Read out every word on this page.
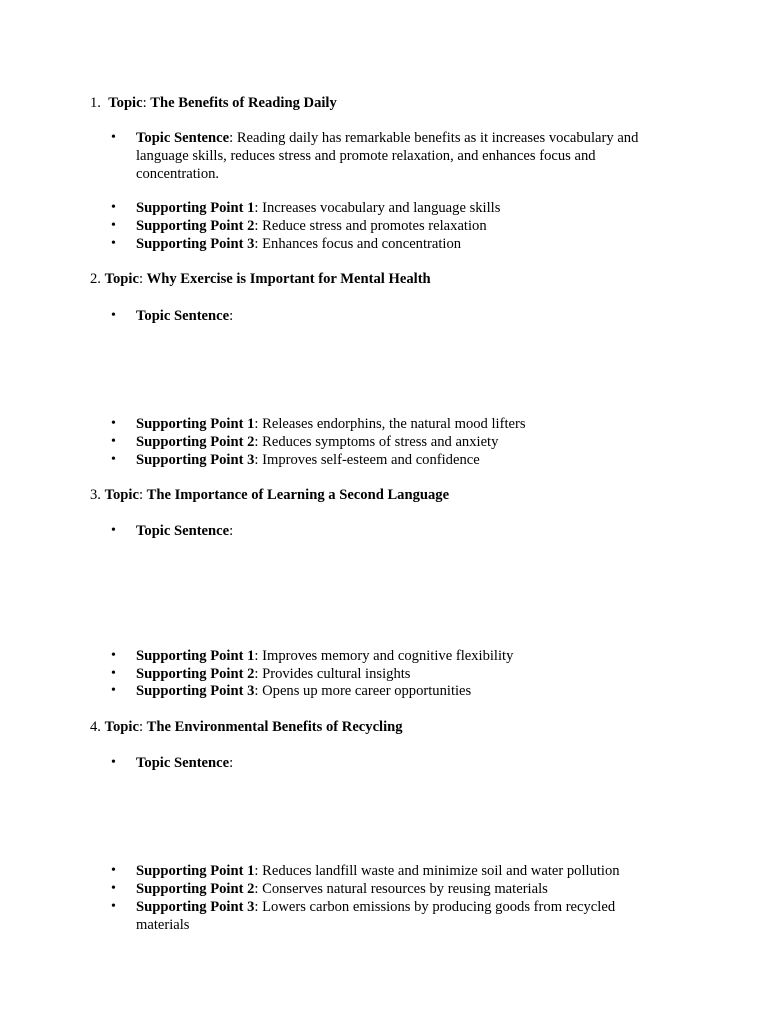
1. Topic: The Benefits of Reading Daily
• Topic Sentence: Reading daily has remarkable benefits as it increases vocabulary and language skills, reduces stress and promote relaxation, and enhances focus and concentration.
• Supporting Point 1: Increases vocabulary and language skills
• Supporting Point 2: Reduce stress and promotes relaxation
• Supporting Point 3: Enhances focus and concentration
2. Topic: Why Exercise is Important for Mental Health
• Topic Sentence:
• Supporting Point 1: Releases endorphins, the natural mood lifters
• Supporting Point 2: Reduces symptoms of stress and anxiety
• Supporting Point 3: Improves self-esteem and confidence
3. Topic: The Importance of Learning a Second Language
• Topic Sentence:
• Supporting Point 1: Improves memory and cognitive flexibility
• Supporting Point 2: Provides cultural insights
• Supporting Point 3: Opens up more career opportunities
4. Topic: The Environmental Benefits of Recycling
• Topic Sentence:
• Supporting Point 1: Reduces landfill waste and minimize soil and water pollution
• Supporting Point 2: Conserves natural resources by reusing materials
• Supporting Point 3: Lowers carbon emissions by producing goods from recycled materials
